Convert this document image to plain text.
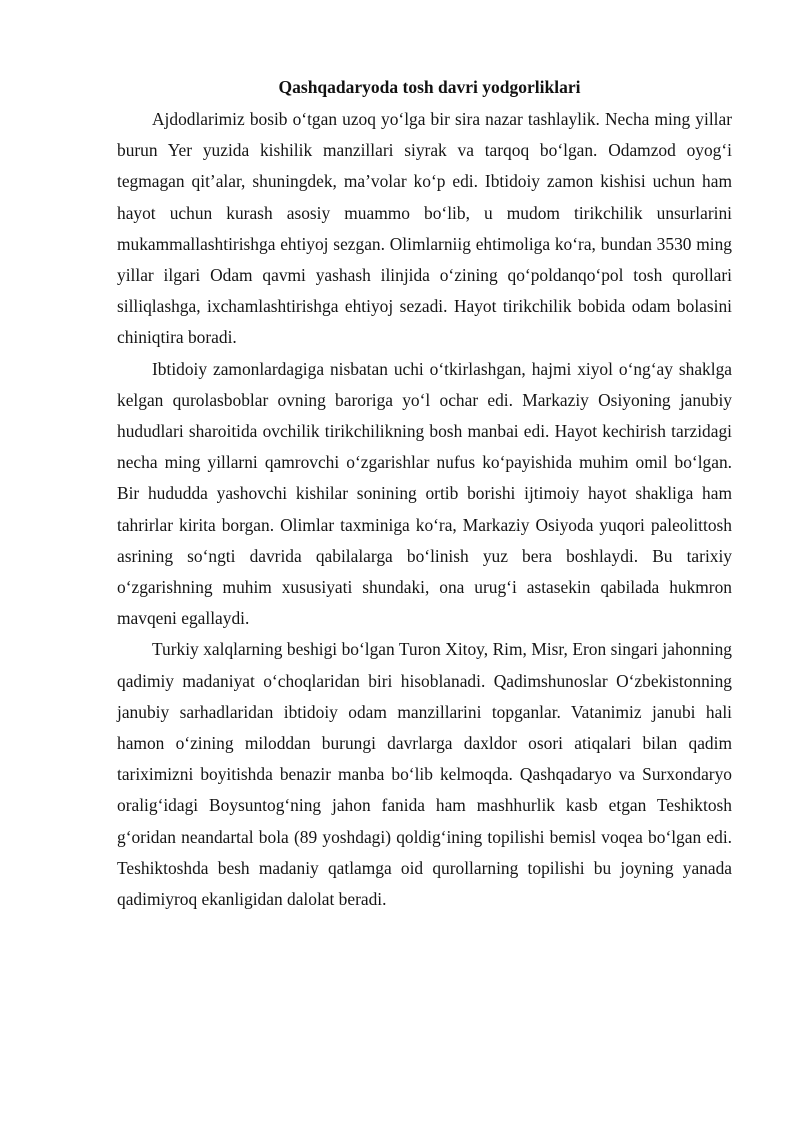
Qashqadaryoda tosh davri yodgorliklari

Ajdodlarimiz bosib o‘tgan uzoq yo‘lga bir sira nazar tashlaylik. Necha ming yillar burun Yer yuzida kishilik manzillari siyrak va tarqoq bo‘lgan. Odamzod oyog‘i tegmagan qit’alar, shuningdek, ma’volar ko‘p edi. Ibtidoiy zamon kishisi uchun ham hayot uchun kurash asosiy muammo bo‘lib, u mudom tirikchilik unsurlarini mukammallashtirishga ehtiyoj sezgan. Olimlarniig ehtimoliga ko‘ra, bundan 3530 ming yillar ilgari Odam qavmi yashash ilinjida o‘zining qo‘poldanqo‘pol tosh qurollari silliqlashga, ixchamlashtirishga ehtiyoj sezadi. Hayot tirikchilik bobida odam bolasini chiniqtira boradi.

Ibtidoiy zamonlardagiga nisbatan uchi o‘tkirlashgan, hajmi xiyol o‘ng‘ay shaklga kelgan qurolasboblar ovning baroriga yo‘l ochar edi. Markaziy Osiyoning janubiy hududlari sharoitida ovchilik tirikchilikning bosh manbai edi. Hayot kechirish tarzidagi necha ming yillarni qamrovchi o‘zgarishlar nufus ko‘payishida muhim omil bo‘lgan. Bir hududda yashovchi kishilar sonining ortib borishi ijtimoiy hayot shakliga ham tahrirlar kirita borgan. Olimlar taxminiga ko‘ra, Markaziy Osiyoda yuqori paleolittosh asrining so‘ngti davrida qabilalarga bo‘linish yuz bera boshlaydi. Bu tarixiy o‘zgarishning muhim xususiyati shundaki, ona urug‘i astasekin qabilada hukmron mavqeni egallaydi.

Turkiy xalqlarning beshigi bo‘lgan Turon Xitoy, Rim, Misr, Eron singari jahonning qadimiy madaniyat o‘choqlaridan biri hisoblanadi. Qadimshunoslar O‘zbekistonning janubiy sarhadlaridan ibtidoiy odam manzillarini topganlar. Vatanimiz janubi hali hamon o‘zining miloddan burungi davrlarga daxldor osori atiqalari bilan qadim tariximizni boyitishda benazir manba bo‘lib kelmoqda. Qashqadaryo va Surxondaryo oralig‘idagi Boysuntog‘ning jahon fanida ham mashhurlik kasb etgan Teshiktosh g‘oridan neandartal bola (89 yoshdagi) qoldig‘ining topilishi bemisl voqea bo‘lgan edi. Teshiktoshda besh madaniy qatlamga oid qurollarning topilishi bu joyning yanada qadimiyroq ekanligidan dalolat beradi.
